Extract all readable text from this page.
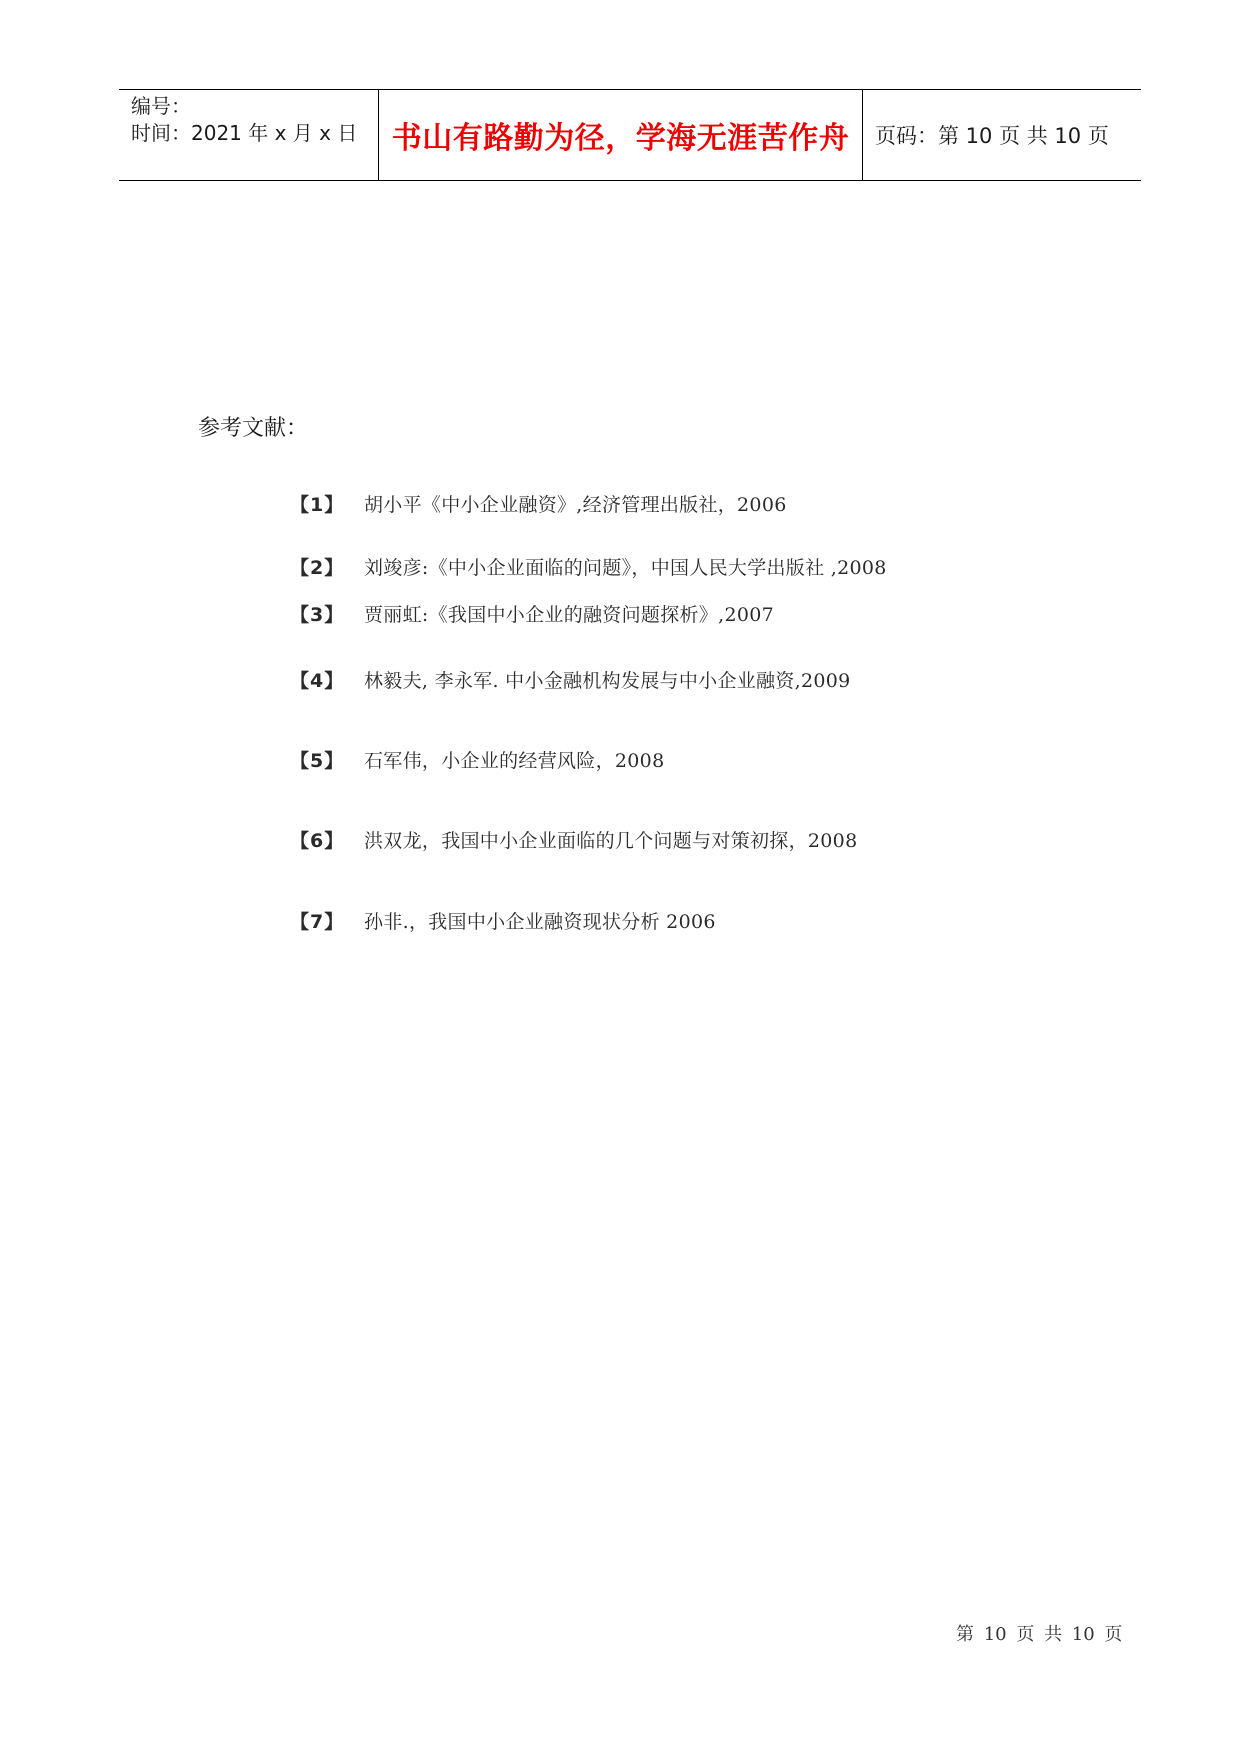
编号：
时间：2021 年 x 月 x 日	书山有路勤为径，学海无涯苦作舟	页码：第 10 页 共 10 页
参考文献：
【1】	胡小平《中小企业融资》,经济管理出版社，2006
【2】	刘竣彦:《中小企业面临的问题》，中国人民大学出版社 ,2008
【3】	贾丽虹:《我国中小企业的融资问题探析》,2007
【4】	林毅夫, 李永军. 中小金融机构发展与中小企业融资,2009
【5】	石军伟，小企业的经营风险，2008
【6】	洪双龙，我国中小企业面临的几个问题与对策初探，2008
【7】	孙非.，我国中小企业融资现状分析 2006
第 10 页 共 10 页
